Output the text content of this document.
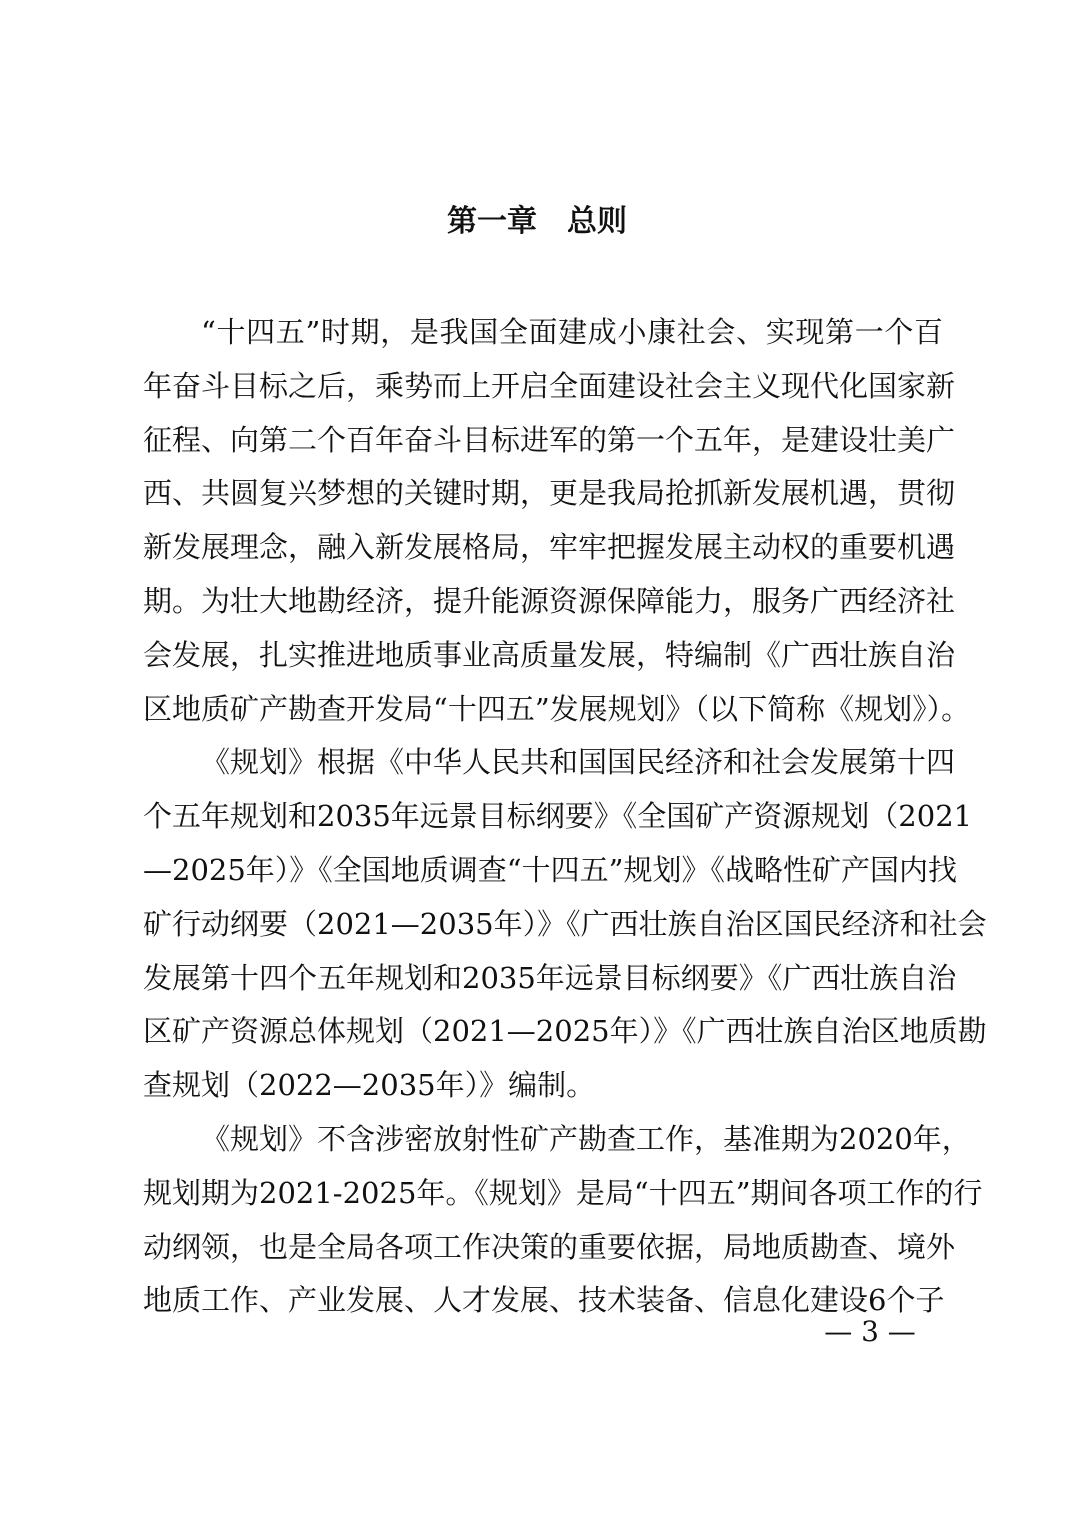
第一章　总则
“十四五”时期，是我国全面建成小康社会、实现第一个百
年奋斗目标之后，乘势而上开启全面建设社会主义现代化国家新
征程、向第二个百年奋斗目标进军的第一个五年，是建设壮美广
西、共圆复兴梦想的关键时期，更是我局抢抓新发展机遇，贯彻
新发展理念，融入新发展格局，牢牢把握发展主动权的重要机遇
期。为壮大地勘经济，提升能源资源保障能力，服务广西经济社
会发展，扎实推进地质事业高质量发展，特编制《广西壮族自治
区地质矿产勘查开发局“十四五”发展规划》（以下简称《规划》）。
《规划》根据《中华人民共和国国民经济和社会发展第十四
个五年规划和2035年远景目标纲要》《全国矿产资源规划（2021
—2025年）》《全国地质调查“十四五”规划》《战略性矿产国内找
矿行动纲要（2021—2035年）》《广西壮族自治区国民经济和社会
发展第十四个五年规划和2035年远景目标纲要》《广西壮族自治
区矿产资源总体规划（2021—2025年）》《广西壮族自治区地质勘
查规划（2022—2035年）》编制。
《规划》不含涉密放射性矿产勘查工作，基准期为2020年，
规划期为2021-2025年。《规划》是局“十四五”期间各项工作的行
动纲领，也是全局各项工作决策的重要依据，局地质勘查、境外
地质工作、产业发展、人才发展、技术装备、信息化建设6个子
— 3 —
